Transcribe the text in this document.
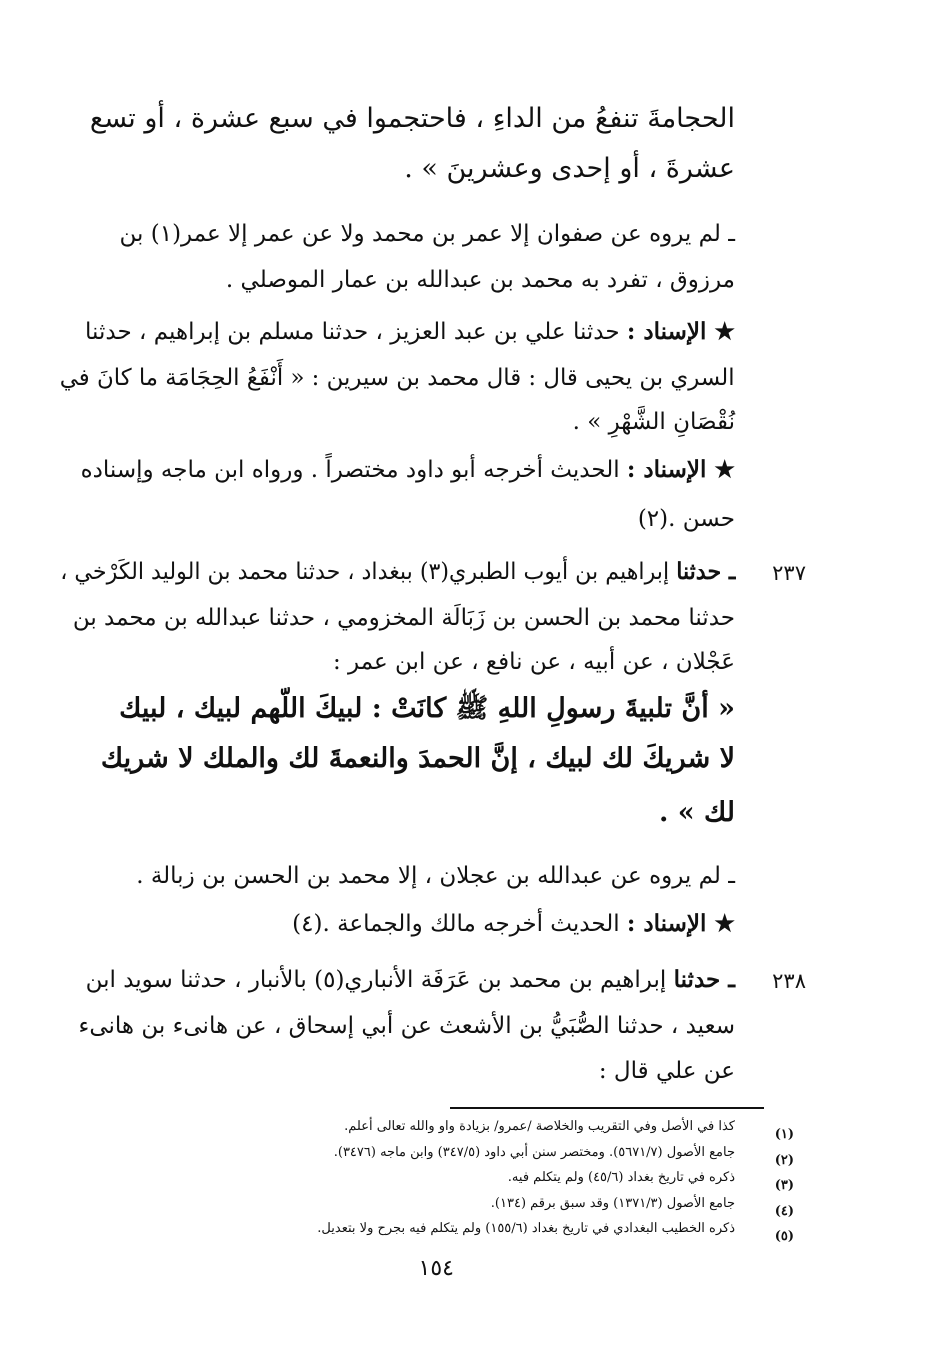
الحجامةَ تنفعُ من الداءِ ، فاحتجموا في سبع عشرة ، أو تسع
عشرةَ ، أو إحدى وعشرينَ » .
ـ لم يروه عن صفوان إلا عمر بن محمد ولا عن عمر إلا عمر(١) بن
مرزوق ، تفرد به محمد بن عبدالله بن عمار الموصلي .
★ الإسناد : حدثنا علي بن عبد العزيز ، حدثنا مسلم بن إبراهيم ، حدثنا
السري بن يحيى قال : قال محمد بن سيرين : « أَنْفَعُ الحِجَامَة ما كانَ في
نُقْصَانِ الشَّهْرِ » .
★ الإسناد : الحديث أخرجه أبو داود مختصراً . ورواه ابن ماجه وإسناده
حسن .(٢)
٢٣٧
ـ حدثنا إبراهيم بن أيوب الطبري(٣) ببغداد ، حدثنا محمد بن الوليد الكَرْخي ،
حدثنا محمد بن الحسن بن زَبَالَة المخزومي ، حدثنا عبدالله بن محمد بن
عَجْلان ، عن أبيه ، عن نافع ، عن ابن عمر :
« أنَّ تلبيةَ رسولِ اللهِ ﷺ كانَتْ : لبيكَ اللّهم لبيك ، لبيك
لا شريكَ لك لبيك ، إنَّ الحمدَ والنعمةَ لك والملك لا شريك
لك » .
ـ لم يروه عن عبدالله بن عجلان ، إلا محمد بن الحسن بن زبالة .
★ الإسناد : الحديث أخرجه مالك والجماعة .(٤)
٢٣٨
ـ حدثنا إبراهيم بن محمد بن عَرَفَة الأنباري(٥) بالأنبار ، حدثنا سويد ابن
سعيد ، حدثنا الصُّبَيُّ بن الأشعث عن أبي إسحاق ، عن هانىء بن هانىء
عن علي قال :
(١)
كذا في الأصل وفي التقريب والخلاصة /عمرو/ بزيادة واو والله تعالى أعلم.
(٢)
جامع الأصول (٥٦٧١/٧). ومختصر سنن أبي داود (٣٤٧/٥) وابن ماجه (٣٤٧٦).
(٣)
ذكره في تاريخ بغداد (٤٥/٦) ولم يتكلم فيه.
(٤)
جامع الأصول (١٣٧١/٣) وقد سبق برقم (١٣٤).
(٥)
ذكره الخطيب البغدادي في تاريخ بغداد (١٥٥/٦) ولم يتكلم فيه بجرح ولا بتعديل.
١٥٤
